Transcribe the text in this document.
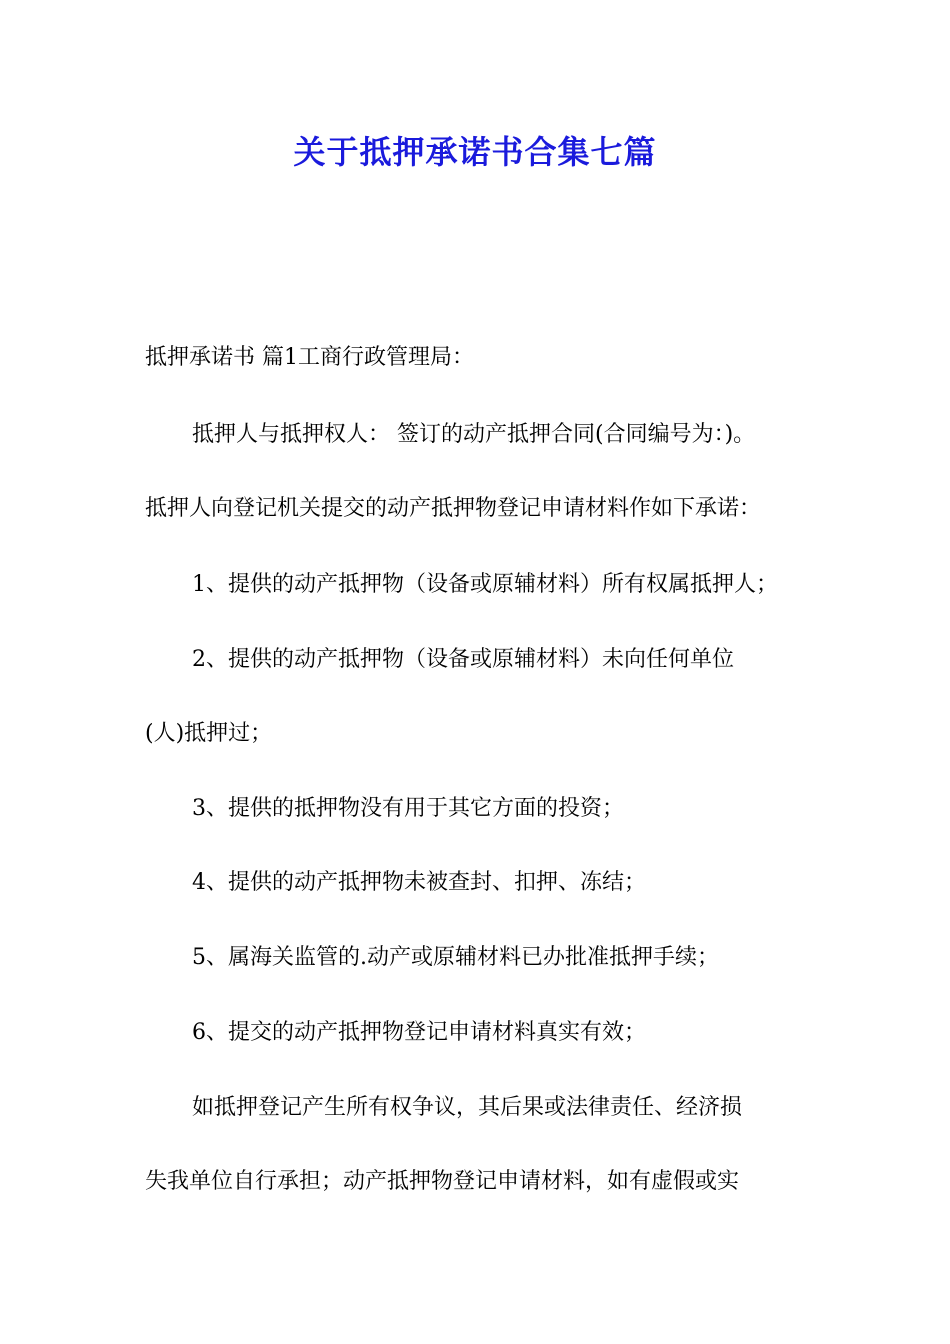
关于抵押承诺书合集七篇

抵押承诺书 篇1工商行政管理局：

抵押人与抵押权人： 签订的动产抵押合同(合同编号为：)。

抵押人向登记机关提交的动产抵押物登记申请材料作如下承诺：

1、提供的动产抵押物（设备或原辅材料）所有权属抵押人；

2、提供的动产抵押物（设备或原辅材料）未向任何单位

(人)抵押过；

3、提供的抵押物没有用于其它方面的投资；

4、提供的动产抵押物未被查封、扣押、冻结；

5、属海关监管的.动产或原辅材料已办批准抵押手续；

6、提交的动产抵押物登记申请材料真实有效；

如抵押登记产生所有权争议，其后果或法律责任、经济损

失我单位自行承担；动产抵押物登记申请材料，如有虚假或实
